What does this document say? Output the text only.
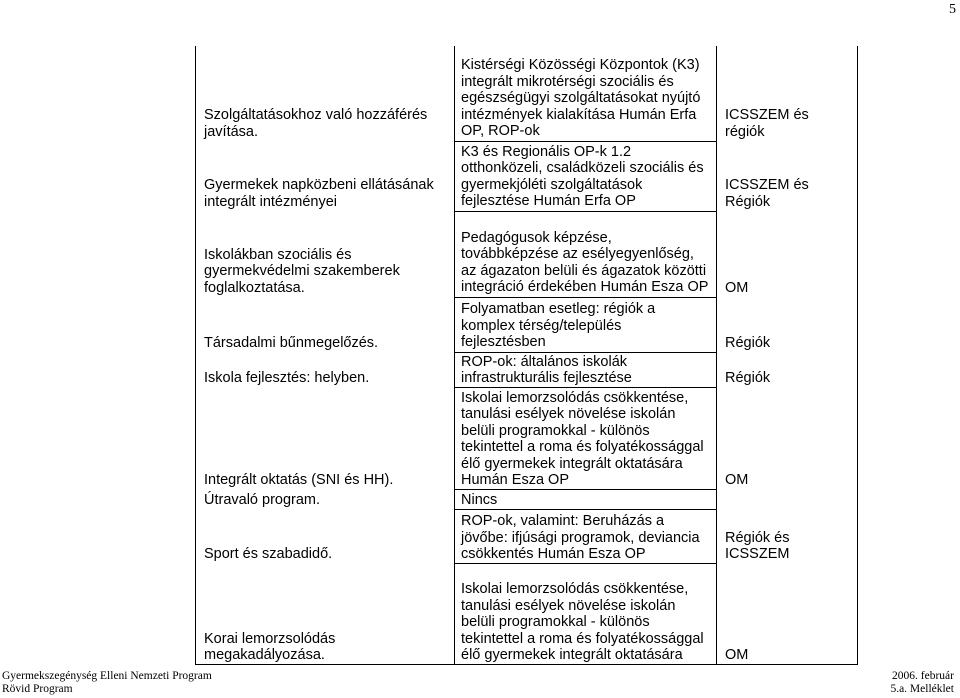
5
Szolgáltatásokhoz való hozzáférés javítása.	Kistérségi Közösségi Központok (K3) integrált mikrotérségi szociális és egészségügyi szolgáltatásokat nyújtó intézmények kialakítása Humán Erfa OP, ROP-ok	ICSSZEM és régiók
Gyermekek napközbeni ellátásának integrált intézményei	K3 és Regionális OP-k 1.2 otthonközeli, családközeli szociális és gyermekjóléti szolgáltatások fejlesztése Humán Erfa OP	ICSSZEM és Régiók
Iskolákban szociális és gyermekvédelmi szakemberek foglalkoztatása.	Pedagógusok képzése, továbbképzése az esélyegyenlőség, az ágazaton belüli és ágazatok közötti integráció érdekében Humán Esza OP	OM
Társadalmi bűnmegelőzés.	Folyamatban esetleg: régiók a komplex térség/település fejlesztésben	Régiók
Iskola fejlesztés: helyben.	ROP-ok: általános iskolák infrastrukturális fejlesztése	Régiók
Integrált oktatás (SNI és HH).	Iskolai lemorzsolódás csökkentése, tanulási esélyek növelése iskolán belüli programokkal - különös tekintettel a roma és folyatékossággal élő gyermekek integrált oktatására Humán Esza OP	OM
Útravaló program.	Nincs	
Sport és szabadidő.	ROP-ok, valamint: Beruházás a jövőbe: ifjúsági programok, deviancia csökkentés Humán Esza OP	Régiók és ICSSZEM
Korai lemorzsolódás megakadályozása.	Iskolai lemorzsolódás csökkentése, tanulási esélyek növelése iskolán belüli programokkal - különös tekintettel a roma és folyatékossággal élő gyermekek integrált oktatására	OM
Gyermekszegénység Elleni Nemzeti Program
Rövid Program
2006. február
5.a. Melléklet
